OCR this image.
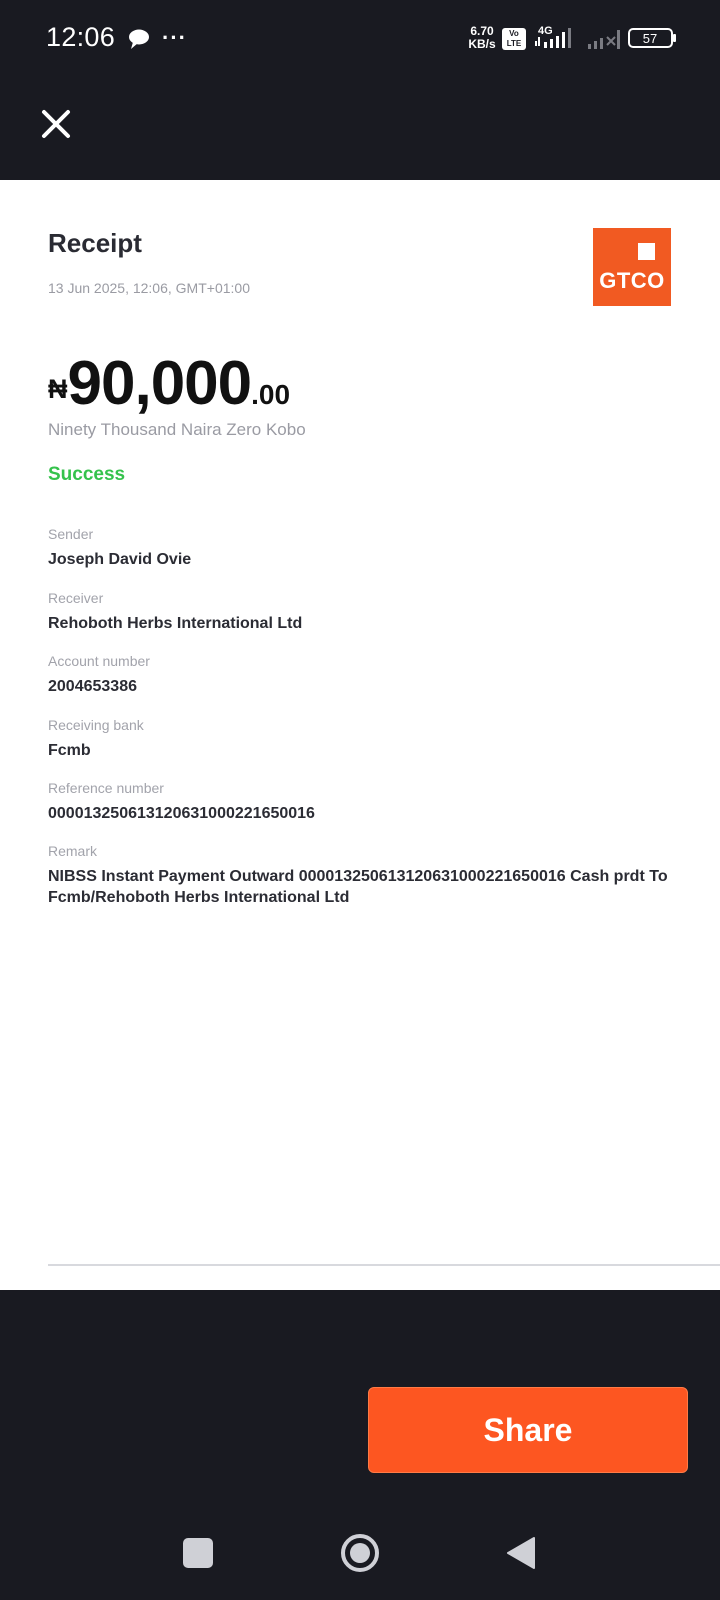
12:06 ···	6.70
KB/s
Vo
LTE
4G	57
Receipt
13 Jun 2025, 12:06, GMT+01:00	GTCO
₦90,000.00
Ninety Thousand Naira Zero Kobo
Success
Sender
Joseph David Ovie
Receiver
Rehoboth Herbs International Ltd
Account number
2004653386
Receiving bank
Fcmb
Reference number
000013250613120631000221650016
Remark
NIBSS Instant Payment Outward 000013250613120631000221650016 Cash prdt To Fcmb/Rehoboth Herbs International Ltd
Share
